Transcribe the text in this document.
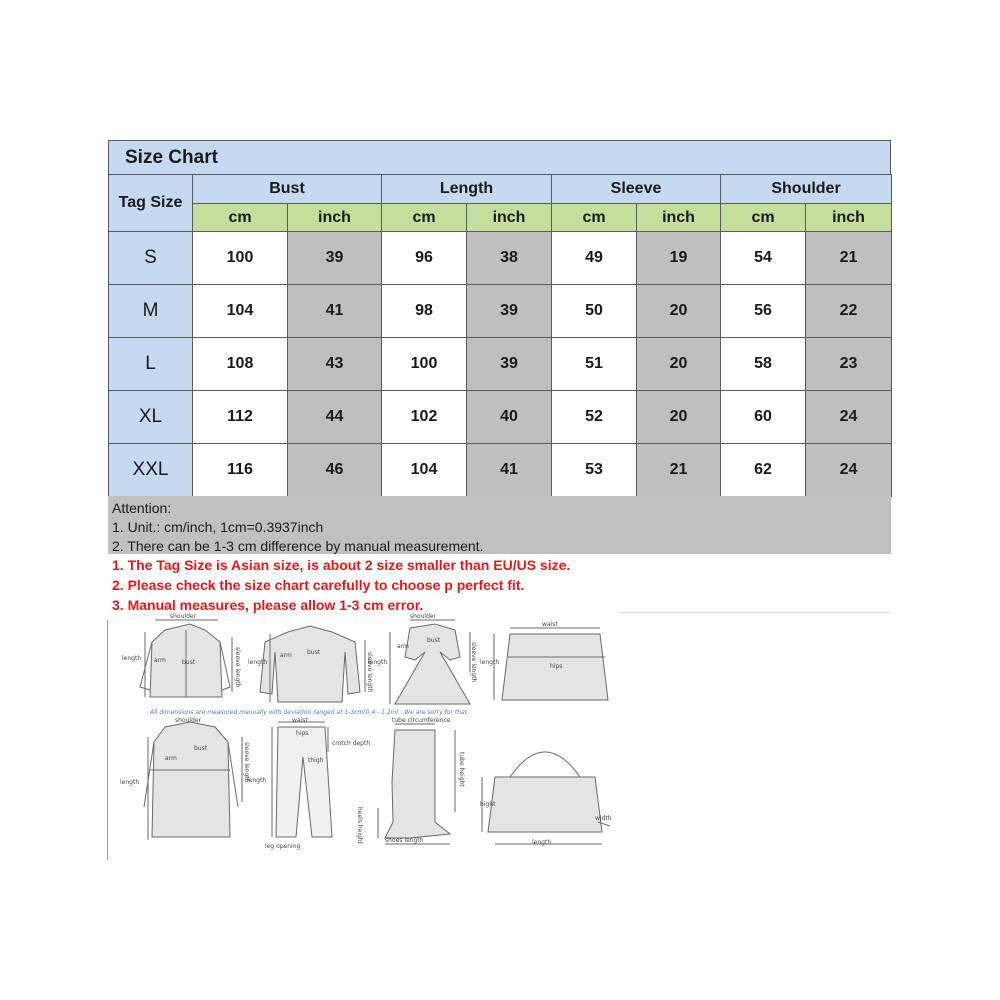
Size Chart
Tag Size	Bust		Length		Sleeve		Shoulder	
	cm	inch	cm	inch	cm	inch	cm	inch
S	100	39	96	38	49	19	54	21
M	104	41	98	39	50	20	56	22
L	108	43	100	39	51	20	58	23
XL	112	44	102	40	52	20	60	24
XXL	116	46	104	41	53	21	62	24
Attention:
1. Unit.: cm/inch, 1cm=0.3937inch
2. There can be 1-3 cm difference by manual measurement.
1. The Tag Size is Asian size, is about 2 size smaller than EU/US size.
2. Please check the size chart carefully to choose p perfect fit.
3. Manual measures, please allow 1-3 cm error.
shoulder
length arm	bust	sleeve length length
arm	bust	sleeve length
shoulder
length
arm
bust
sleeve length
waist
length
hips
All dimensions are measured manually with deviation ranged at 1-3cm(0.4 - 1.2in) . We are sorry for that.
shoulder
length
arm
bust	sleeve length
waist
hips
crotch depth
thigh
length
leg opening
tube circumference
tube height
heels height	shoes length
hight
width
length
